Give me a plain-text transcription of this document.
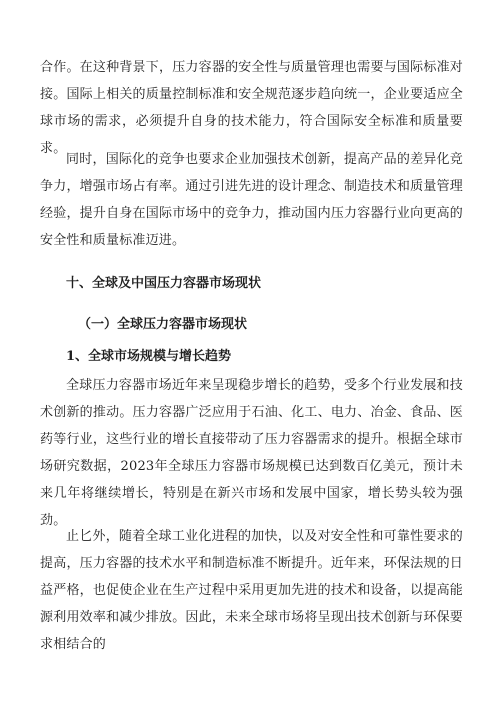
合作。在这种背景下，压力容器的安全性与质量管理也需要与国际标准对接。国际上相关的质量控制标准和安全规范逐步趋向统一，企业要适应全球市场的需求，必须提升自身的技术能力，符合国际安全标准和质量要求。

同时，国际化的竞争也要求企业加强技术创新，提高产品的差异化竞争力，增强市场占有率。通过引进先进的设计理念、制造技术和质量管理经验，提升自身在国际市场中的竞争力，推动国内压力容器行业向更高的安全性和质量标准迈进。

十、全球及中国压力容器市场现状
（一）全球压力容器市场现状
1、全球市场规模与增长趋势

全球压力容器市场近年来呈现稳步增长的趋势，受多个行业发展和技术创新的推动。压力容器广泛应用于石油、化工、电力、冶金、食品、医药等行业，这些行业的增长直接带动了压力容器需求的提升。根据全球市场研究数据，2023年全球压力容器市场规模已达到数百亿美元，预计未来几年将继续增长，特别是在新兴市场和发展中国家，增长势头较为强劲。

止匕外，随着全球工业化进程的加快，以及对安全性和可靠性要求的提高，压力容器的技术水平和制造标准不断提升。近年来，环保法规的日益严格，也促使企业在生产过程中采用更加先进的技术和设备，以提高能源利用效率和减少排放。因此，未来全球市场将呈现出技术创新与环保要求相结合的
